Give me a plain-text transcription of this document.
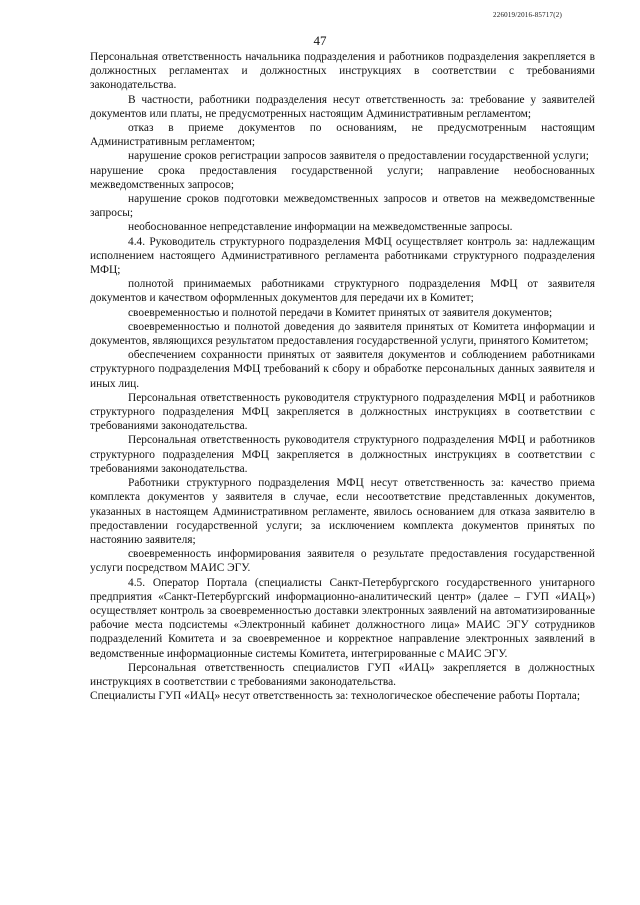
226019/2016-85717(2)
47

Персональная ответственность начальника подразделения и работников подразделения закрепляется в должностных регламентах и должностных инструкциях в соответствии с требованиями законодательства.

В частности, работники подразделения несут ответственность за: требование у заявителей документов или платы, не предусмотренных настоящим Административным регламентом;

отказ в приеме документов по основаниям, не предусмотренным настоящим Административным регламентом;

нарушение сроков регистрации запросов заявителя о предоставлении государственной услуги;

нарушение срока предоставления государственной услуги; направление необоснованных межведомственных запросов;

нарушение сроков подготовки межведомственных запросов и ответов на межведомственные запросы;

необоснованное непредставление информации на межведомственные запросы.

4.4. Руководитель структурного подразделения МФЦ осуществляет контроль за: надлежащим исполнением настоящего Административного регламента работниками структурного подразделения МФЦ;

полнотой принимаемых работниками структурного подразделения МФЦ от заявителя документов и качеством оформленных документов для передачи их в Комитет;

своевременностью и полнотой передачи в Комитет принятых от заявителя документов;

своевременностью и полнотой доведения до заявителя принятых от Комитета информации и документов, являющихся результатом предоставления государственной услуги, принятого Комитетом;

обеспечением сохранности принятых от заявителя документов и соблюдением работниками структурного подразделения МФЦ требований к сбору и обработке персональных данных заявителя и иных лиц.

Персональная ответственность руководителя структурного подразделения МФЦ и работников структурного подразделения МФЦ закрепляется в должностных инструкциях в соответствии с требованиями законодательства.

Персональная ответственность руководителя структурного подразделения МФЦ и работников структурного подразделения МФЦ закрепляется в должностных инструкциях в соответствии с требованиями законодательства.

Работники структурного подразделения МФЦ несут ответственность за: качество приема комплекта документов у заявителя в случае, если несоответствие представленных документов, указанных в настоящем Административном регламенте, явилось основанием для отказа заявителю в предоставлении государственной услуги; за исключением комплекта документов принятых по настоянию заявителя;

своевременность информирования заявителя о результате предоставления государственной услуги посредством МАИС ЭГУ.

4.5. Оператор Портала (специалисты Санкт-Петербургского государственного унитарного предприятия «Санкт-Петербургский информационно-аналитический центр» (далее – ГУП «ИАЦ») осуществляет контроль за своевременностью доставки электронных заявлений на автоматизированные рабочие места подсистемы «Электронный кабинет должностного лица» МАИС ЭГУ сотрудников подразделений Комитета и за своевременное и корректное направление электронных заявлений в ведомственные информационные системы Комитета, интегрированные с МАИС ЭГУ.

Персональная ответственность специалистов ГУП «ИАЦ» закрепляется в должностных инструкциях в соответствии с требованиями законодательства.

Специалисты ГУП «ИАЦ» несут ответственность за: технологическое обеспечение работы Портала;
